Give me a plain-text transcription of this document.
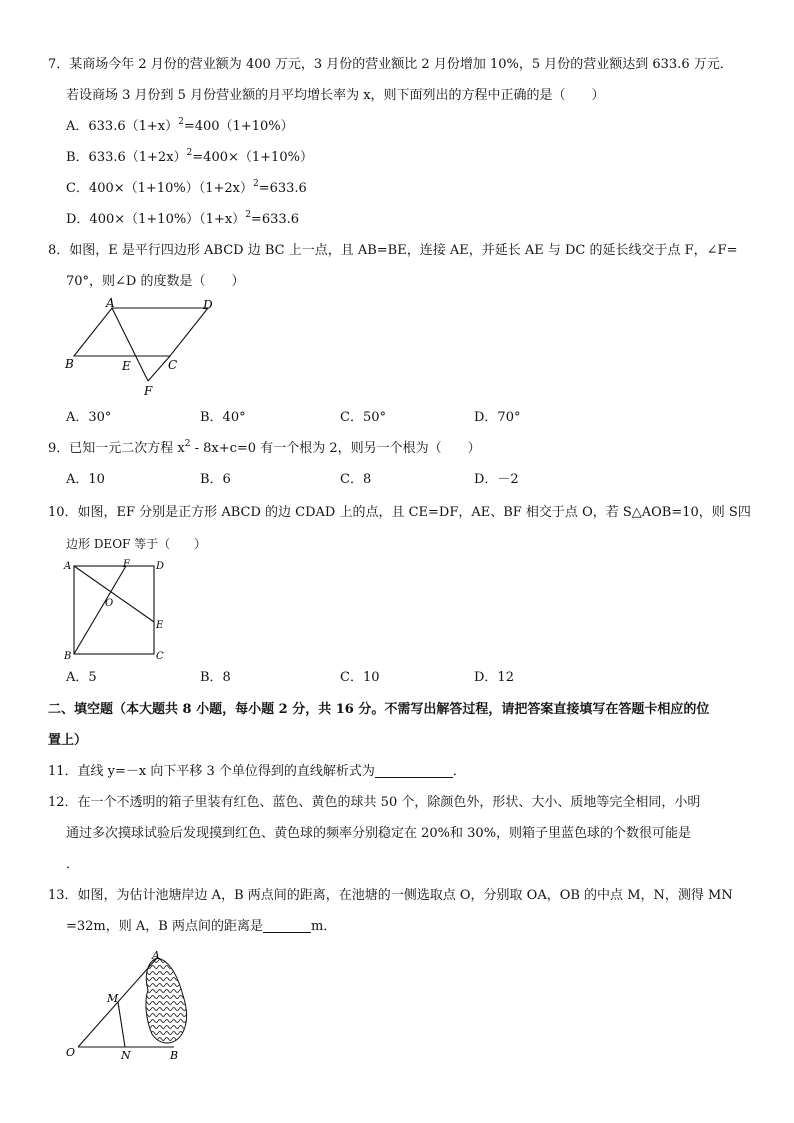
7．某商场今年 2 月份的营业额为 400 万元，3 月份的营业额比 2 月份增加 10%，5 月份的营业额达到 633.6 万元．
若设商场 3 月份到 5 月份营业额的月平均增长率为 x，则下面列出的方程中正确的是（　　）
A．$633.6(1+x)^2=400(1+10\%)$
B．$633.6(1+2x)^2=400\times(1+10\%)$
C．$400\times(1+10\%)(1+2x)^2=633.6$
D．$400\times(1+10\%)(1+x)^2=633.6$
8．如图，E 是平行四边形 ABCD 边 BC 上一点，且 AB=BE，连接 AE，并延长 AE 与 DC 的延长线交于点 F，∠F=
70°，则∠D 的度数是（　　）
A	D
B	E	C
F
A．30°	B．40°	C．50°	D．70°
9．已知一元二次方程 $x^2 - 8x+c=0$ 有一个根为 2，则另一个根为（　　）
A．10	B．6	C．8	D．－2
10．如图，EF 分别是正方形 ABCD 的边 CDAD 上的点，且 CE=DF，AE、BF 相交于点 O，若 S△AOB=10，则 S四
边形 DEOF 等于（　　）
A	F	D
O
E
B	C
A．5	B．8	C．10	D．12
二、填空题（本大题共 8 小题，每小题 2 分，共 16 分。不需写出解答过程，请把答案直接填写在答题卡相应的位
置上）
11．直线 y=－x 向下平移 3 个单位得到的直线解析式为	．
12．在一个不透明的箱子里装有红色、蓝色、黄色的球共 50 个，除颜色外，形状、大小、质地等完全相同，小明
通过多次摸球试验后发现摸到红色、黄色球的频率分别稳定在 20%和 30%，则箱子里蓝色球的个数很可能是
．
13．如图，为估计池塘岸边 A，B 两点间的距离，在池塘的一侧选取点 O，分别取 OA，OB 的中点 M，N，测得 MN
=32m，则 A，B 两点间的距离是	m．
A
M
O	N	B
